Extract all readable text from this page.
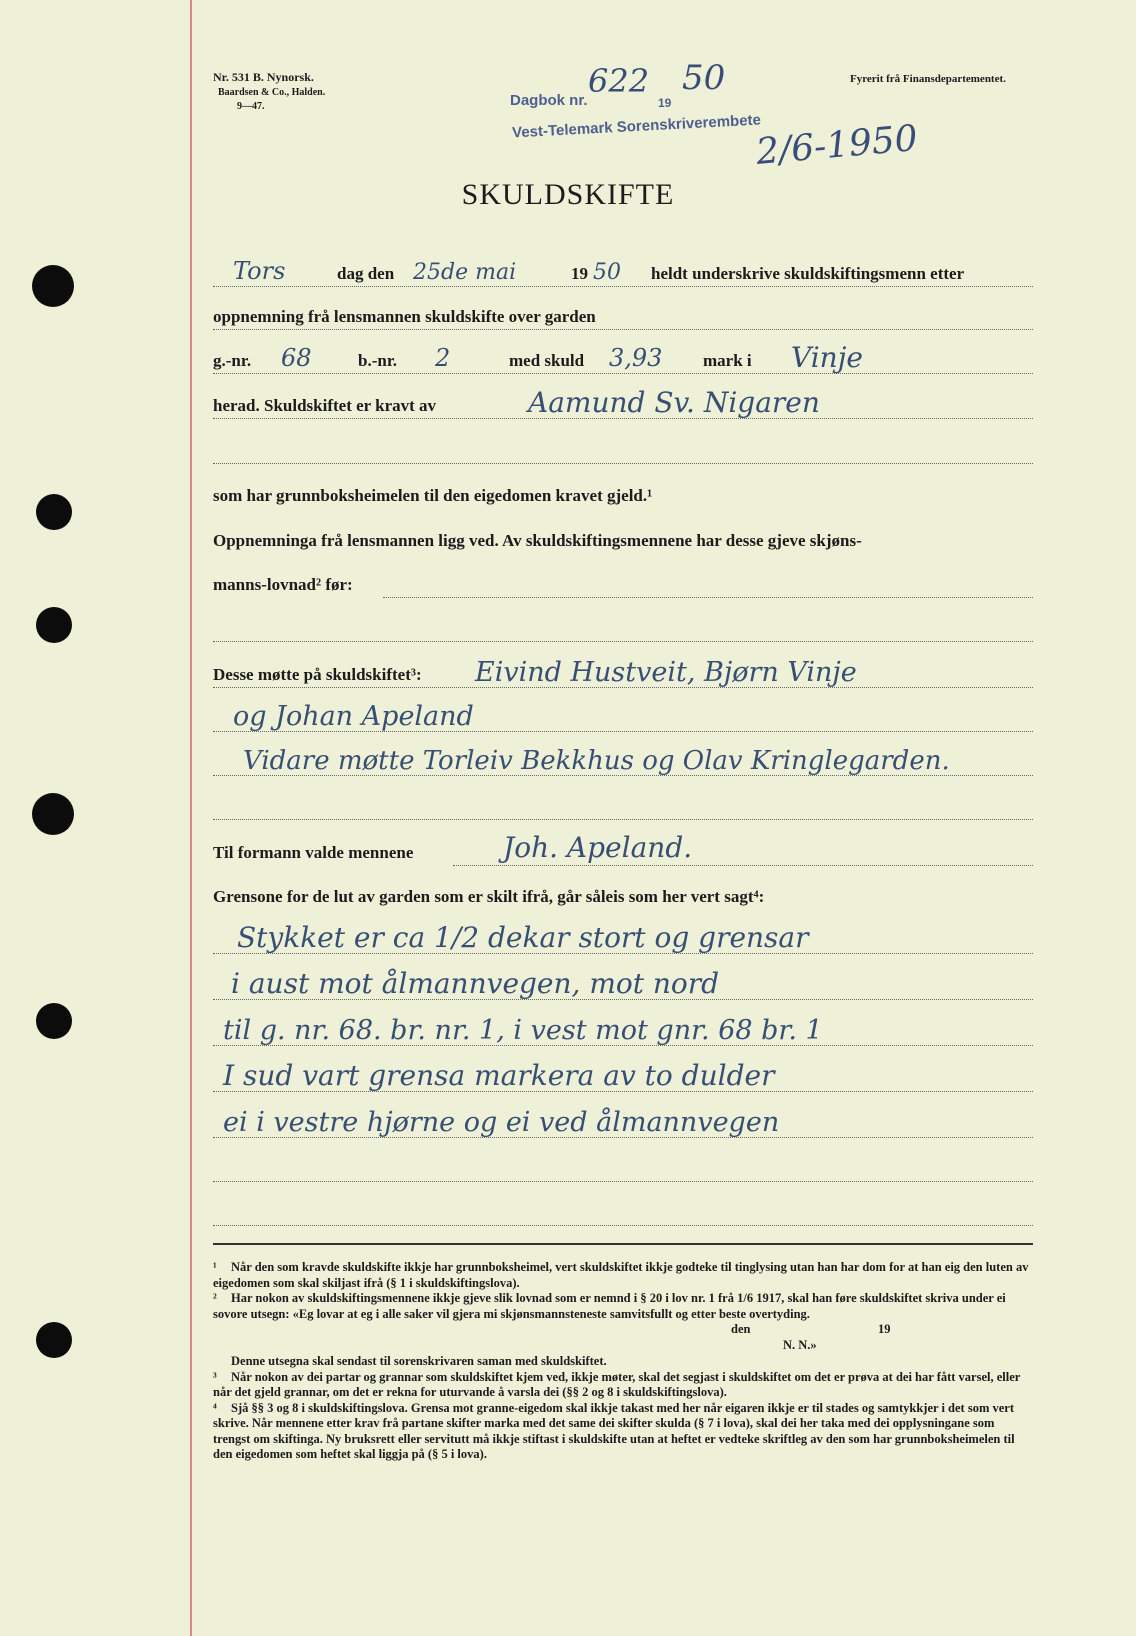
Nr. 531 B. Nynorsk.
Baardsen & Co., Halden.
9—47.
Fyrerit frå Finansdepartementet.
Dagbok nr.
622
19
50
Vest-Telemark Sorenskriverembete
2/6-1950
SKULDSKIFTE
Tors	dag den 25de mai	19 50 heldt underskrive skuldskiftingsmenn etter
oppnemning frå lensmannen skuldskifte over garden
g.-nr. 68	b.-nr. 2	med skuld 3,93 mark i Vinje
herad. Skuldskiftet er kravt av	Aamund Sv. Nigaren
som har grunnboksheimelen til den eigedomen kravet gjeld.¹
Oppnemninga frå lensmannen ligg ved. Av skuldskiftingsmennene har desse gjeve skjøns-
manns-lovnad² før:
Desse møtte på skuldskiftet³: Eivind Hustveit, Bjørn Vinje
og Johan Apeland
Vidare møtte Torleiv Bekkhus og Olav Kringlegarden.
Til formann valde mennene	Joh. Apeland.
Grensone for de lut av garden som er skilt ifrå, går såleis som her vert sagt⁴:
Stykket er ca 1/2 dekar stort og grensar
i aust mot ålmannvegen, mot nord
til g. nr. 68. br. nr. 1, i vest mot gnr. 68 br. 1
I sud vart grensa markera av to dulder
ei i vestre hjørne og ei ved ålmannvegen

¹ Når den som kravde skuldskifte ikkje har grunnboksheimel, vert skuldskiftet ikkje godteke til tinglysing utan han har dom for at han eig den luten av eigedomen som skal skiljast ifrå (§ 1 i skuldskiftingslova).

² Har nokon av skuldskiftingsmennene ikkje gjeve slik lovnad som er nemnd i § 20 i lov nr. 1 frå 1/6 1917, skal han føre skuldskiftet skriva under ei sovore utsegn: «Eg lovar at eg i alle saker vil gjera mi skjønsmannsteneste samvitsfullt og etter beste overtyding.

den	19

N. N.»

Denne utsegna skal sendast til sorenskrivaren saman med skuldskiftet.

³ Når nokon av dei partar og grannar som skuldskiftet kjem ved, ikkje møter, skal det segjast i skuldskiftet om det er prøva at dei har fått varsel, eller når det gjeld grannar, om det er rekna for uturvande å varsla dei (§§ 2 og 8 i skuldskiftingslova).

⁴ Sjå §§ 3 og 8 i skuldskiftingslova. Grensa mot granne-eigedom skal ikkje takast med her når eigaren ikkje er til stades og samtykkjer i det som vert skrive. Når mennene etter krav frå partane skifter marka med det same dei skifter skulda (§ 7 i lova), skal dei her taka med dei opplysningane som trengst om skiftinga. Ny bruksrett eller servitutt må ikkje stiftast i skuldskifte utan at heftet er vedteke skriftleg av den som har grunnboksheimelen til den eigedomen som heftet skal liggja på (§ 5 i lova).
